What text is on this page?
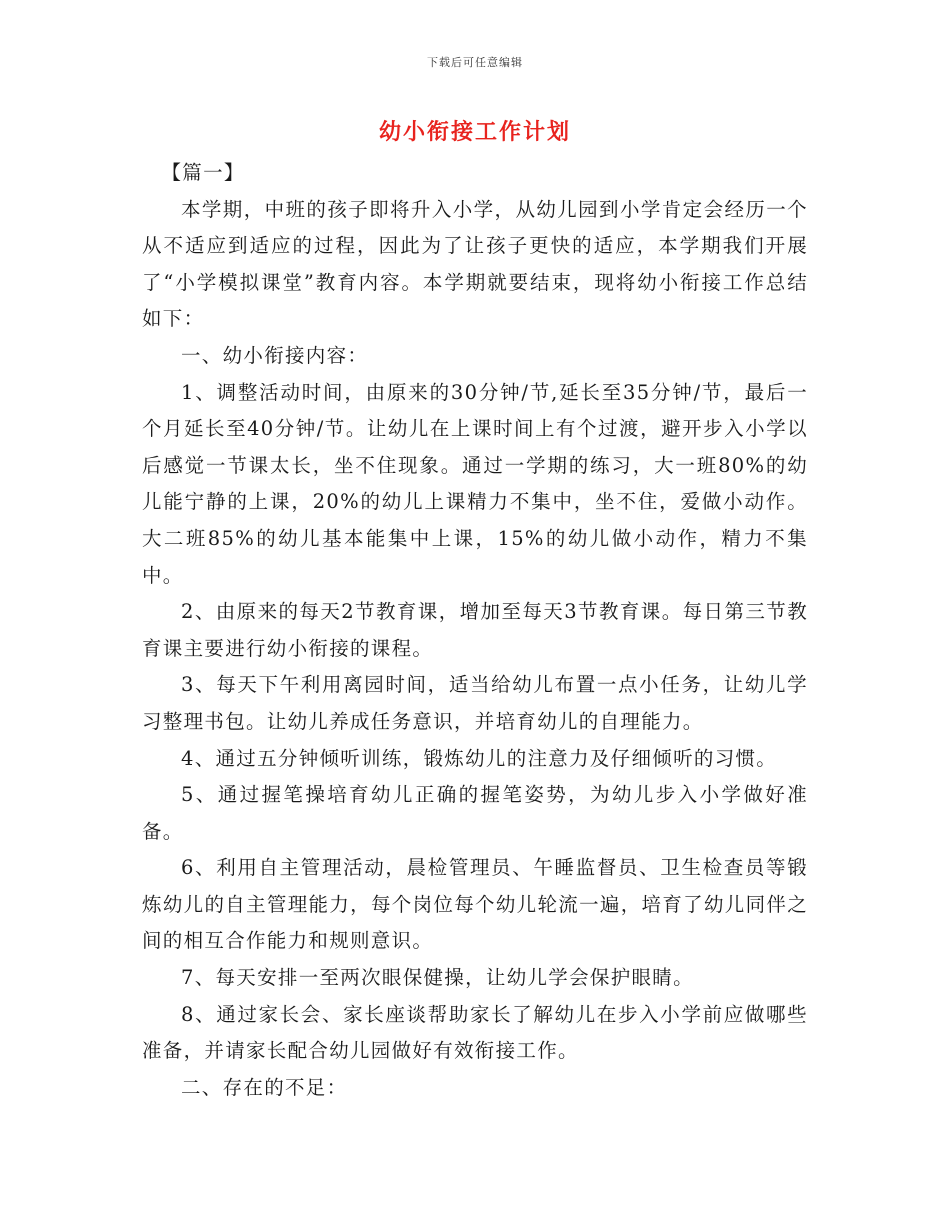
下载后可任意编辑
幼小衔接工作计划

【篇一】

本学期，中班的孩子即将升入小学，从幼儿园到小学肯定会经历一个从不适应到适应的过程，因此为了让孩子更快的适应，本学期我们开展了“小学模拟课堂”教育内容。本学期就要结束，现将幼小衔接工作总结如下：

一、幼小衔接内容：

1、调整活动时间，由原来的30分钟/节,延长至35分钟/节，最后一个月延长至40分钟/节。让幼儿在上课时间上有个过渡，避开步入小学以后感觉一节课太长，坐不住现象。通过一学期的练习，大一班80%的幼儿能宁静的上课，20%的幼儿上课精力不集中，坐不住，爱做小动作。大二班85%的幼儿基本能集中上课，15%的幼儿做小动作，精力不集中。

2、由原来的每天2节教育课，增加至每天3节教育课。每日第三节教育课主要进行幼小衔接的课程。

3、每天下午利用离园时间，适当给幼儿布置一点小任务，让幼儿学习整理书包。让幼儿养成任务意识，并培育幼儿的自理能力。

4、通过五分钟倾听训练，锻炼幼儿的注意力及仔细倾听的习惯。

5、通过握笔操培育幼儿正确的握笔姿势，为幼儿步入小学做好准备。

6、利用自主管理活动，晨检管理员、午睡监督员、卫生检查员等锻炼幼儿的自主管理能力，每个岗位每个幼儿轮流一遍，培育了幼儿同伴之间的相互合作能力和规则意识。

7、每天安排一至两次眼保健操，让幼儿学会保护眼睛。

8、通过家长会、家长座谈帮助家长了解幼儿在步入小学前应做哪些准备，并请家长配合幼儿园做好有效衔接工作。

二、存在的不足：
